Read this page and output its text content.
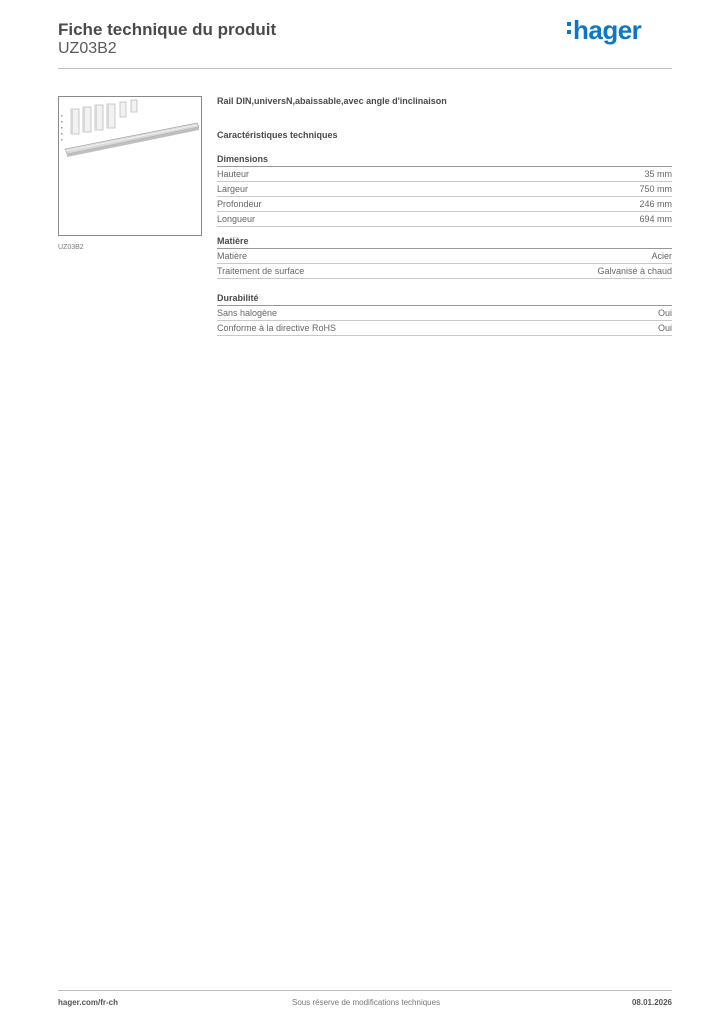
Fiche technique du produit
UZ03B2
hager
UZ03B2
Rail DIN,universN,abaissable,avec angle d'inclinaison
Caractéristiques techniques
Dimensions
Hauteur	35 mm
Largeur	750 mm
Profondeur	246 mm
Longueur	694 mm
Matière
Matière	Acier
Traitement de surface	Galvanisé à chaud
Durabilité
Sans halogène	Oui
Conforme à la directive RoHS	Oui
hager.com/fr-ch	Sous réserve de modifications techniques	08.01.2026
